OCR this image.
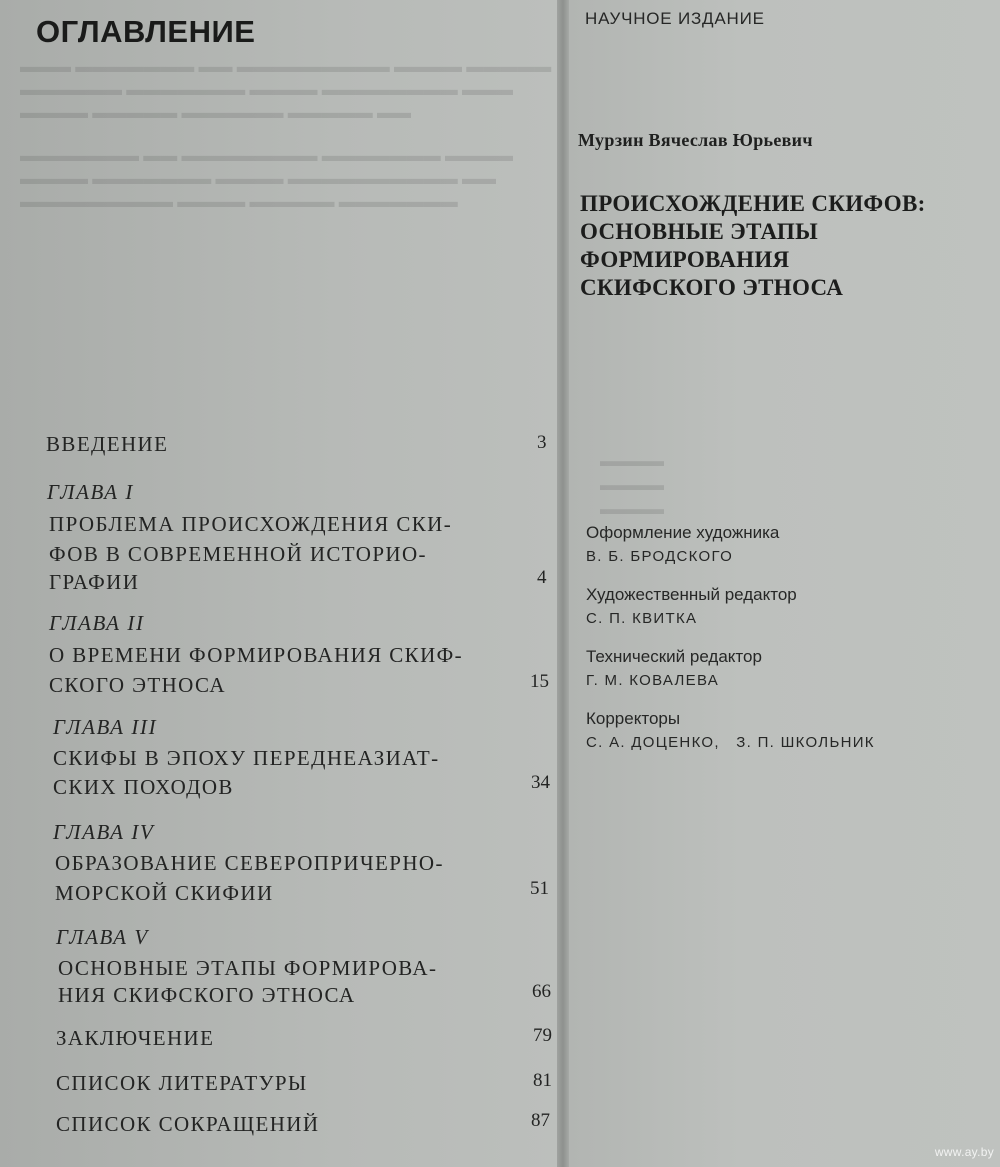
▬▬▬ ▬▬▬▬▬▬▬ ▬▬ ▬▬▬▬▬▬▬▬▬ ▬▬▬▬ ▬▬▬▬▬
▬▬▬▬▬▬ ▬▬▬▬▬▬▬ ▬▬▬▬ ▬▬▬▬▬▬▬▬ ▬▬▬
▬▬▬▬ ▬▬▬▬▬ ▬▬▬▬▬▬ ▬▬▬▬▬ ▬▬
▬▬▬▬▬▬▬ ▬▬ ▬▬▬▬▬▬▬▬ ▬▬▬▬▬▬▬ ▬▬▬▬
▬▬▬▬ ▬▬▬▬▬▬▬ ▬▬▬▬ ▬▬▬▬▬▬▬▬▬▬ ▬▬
▬▬▬▬▬▬▬▬▬ ▬▬▬▬ ▬▬▬▬▬ ▬▬▬▬▬▬▬
▬▬▬▬
▬▬▬▬
▬▬▬▬
ОГЛАВЛЕНИЕ
ВВЕДЕНИЕ	3
ГЛАВА I
ПРОБЛЕМА ПРОИСХОЖДЕНИЯ СКИ-
ФОВ В СОВРЕМЕННОЙ ИСТОРИО-
ГРАФИИ	4
ГЛАВА II
О ВРЕМЕНИ ФОРМИРОВАНИЯ СКИФ-
СКОГО ЭТНОСА	15
ГЛАВА III
СКИФЫ В ЭПОХУ ПЕРЕДНЕАЗИАТ-
СКИХ ПОХОДОВ	34
ГЛАВА IV
ОБРАЗОВАНИЕ СЕВЕРОПРИЧЕРНО-
МОРСКОЙ СКИФИИ	51
ГЛАВА V
ОСНОВНЫЕ ЭТАПЫ ФОРМИРОВА-
НИЯ СКИФСКОГО ЭТНОСА	66
ЗАКЛЮЧЕНИЕ	79
СПИСОК ЛИТЕРАТУРЫ	81
СПИСОК СОКРАЩЕНИЙ	87
НАУЧНОЕ ИЗДАНИЕ
Мурзин Вячеслав Юрьевич
ПРОИСХОЖДЕНИЕ СКИФОВ:
ОСНОВНЫЕ ЭТАПЫ
ФОРМИРОВАНИЯ
СКИФСКОГО ЭТНОСА
Оформление художника
В. Б. БРОДСКОГО
Художественный редактор
С. П. КВИТКА
Технический редактор
Г. М. КОВАЛЕВА
Корректоры
С. А. ДОЦЕНКО,   З. П. ШКОЛЬНИК
www.ay.by
